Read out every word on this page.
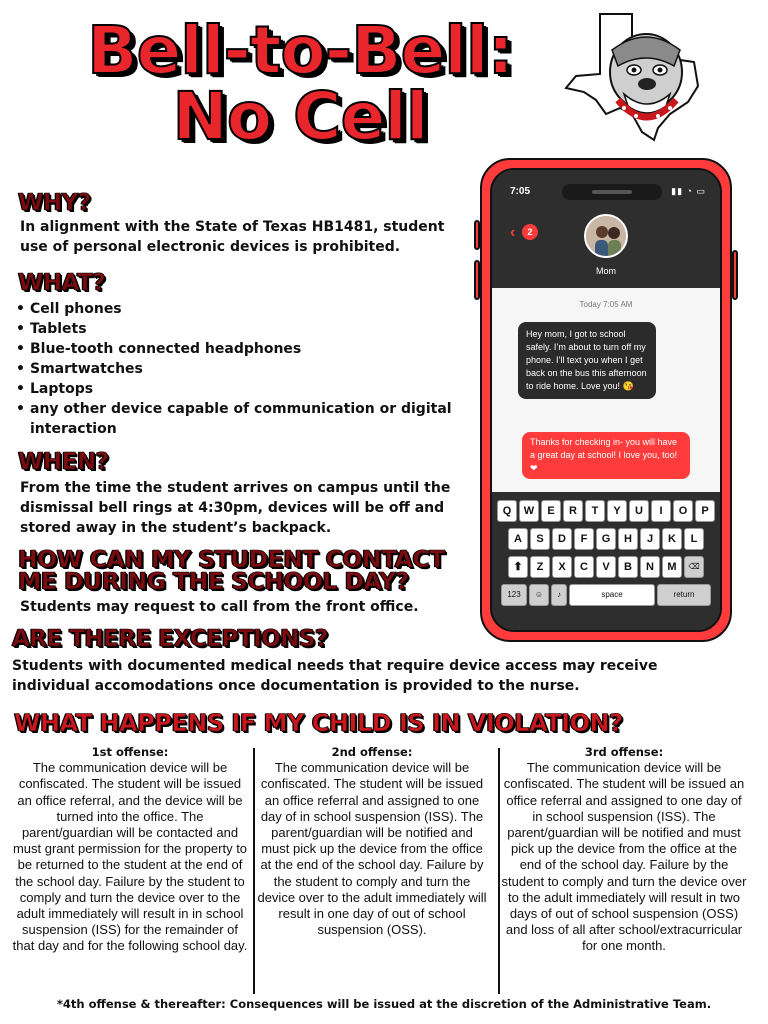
Bell-to-Bell:
No Cell
WHY?
In alignment with the State of Texas HB1481, student use of personal electronic devices is prohibited.
WHAT?
• Cell phones
• Tablets
• Blue-tooth connected headphones
• Smartwatches
• Laptops
• any other device capable of communication or digital interaction
WHEN?
From the time the student arrives on campus until the dismissal bell rings at 4:30pm, devices will be off and stored away in the student’s backpack.
HOW CAN MY STUDENT CONTACT
ME DURING THE SCHOOL DAY?
Students may request to call from the front office.
ARE THERE EXCEPTIONS?
Students with documented medical needs that require device access may receive individual accomodations once documentation is provided to the nurse.
WHAT HAPPENS IF MY CHILD IS IN VIOLATION?
1st offense:
The communication device will be confiscated. The student will be issued an office referral, and the device will be turned into the office. The parent/guardian will be contacted and must grant permission for the property to be returned to the student at the end of the school day. Failure by the student to comply and turn the device over to the adult immediately will result in in school suspension (ISS) for the remainder of that day and for the following school day.
2nd offense:
The communication device will be confiscated. The student will be issued an office referral and assigned to one day of in school suspension (ISS). The parent/guardian will be notified and must pick up the device from the office at the end of the school day. Failure by the student to comply and turn the device over to the adult immediately will result in one day of out of school suspension (OSS).
3rd offense:
The communication device will be confiscated. The student will be issued an office referral and assigned to one day of in school suspension (ISS). The parent/guardian will be notified and must pick up the device from the office at the end of the school day. Failure by the student to comply and turn the device over to the adult immediately will result in two days of out of school suspension (OSS) and loss of all after school/extracurricular for one month.
*4th offense & thereafter: Consequences will be issued at the discretion of the Administrative Team.
7:05	▮▮ ◔ ▭
‹	2
Mom
Today 7:05 AM
Hey mom, I got to school safely. I’m about to turn off my phone. I’ll text you when I get back on the bus this afternoon to ride home. Love you! 😘
Thanks for checking in- you will have a great day at school! I love you, too! ❤
Q	W	E	R	T	Y	U	I	O	P
A	S	D	F	G	H	J	K	L
⬆	Z	X	C	V	B	N	M	⌫
123	☺	♪	space	return
